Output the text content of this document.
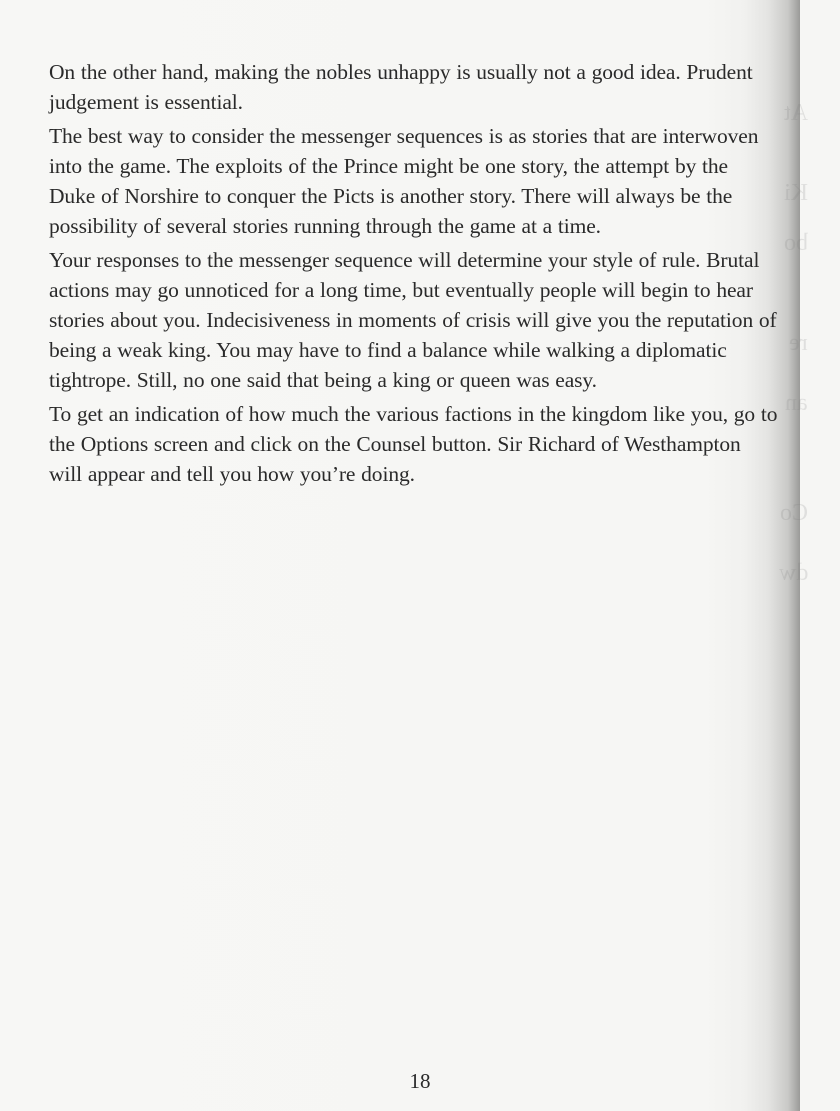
At
Ki
bo
re
an
Co
dw

On the other hand, making the nobles unhappy is usually not a good idea. Prudent judgement is essential.

The best way to consider the messenger sequences is as stories that are interwoven into the game. The exploits of the Prince might be one story, the attempt by the Duke of Norshire to conquer the Picts is another story. There will always be the possibility of several stories running through the game at a time.

Your responses to the messenger sequence will determine your style of rule. Brutal actions may go unnoticed for a long time, but eventually people will begin to hear stories about you. Indecisiveness in moments of crisis will give you the reputation of being a weak king. You may have to find a balance while walking a diplomatic tightrope. Still, no one said that being a king or queen was easy.

To get an indication of how much the various factions in the kingdom like you, go to the Options screen and click on the Counsel button. Sir Richard of Westhampton will appear and tell you how you’re doing.

18
